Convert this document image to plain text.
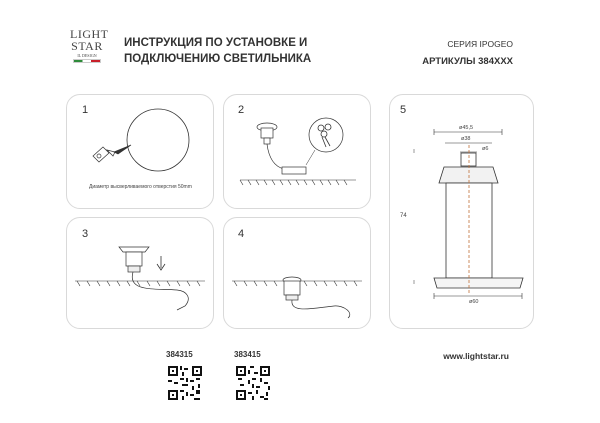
LIGHT
STAR
IL DESIGN
ИНСТРУКЦИЯ ПО УСТАНОВКЕ И
ПОДКЛЮЧЕНИЮ СВЕТИЛЬНИКА
СЕРИЯ IPOGEO
АРТИКУЛЫ 384XXX
1
Диаметр высверливаемого отверстия 50mm
2
3	4
5
ø45,5
ø38
ø6
74
ø60
384315	383415	www.lightstar.ru
